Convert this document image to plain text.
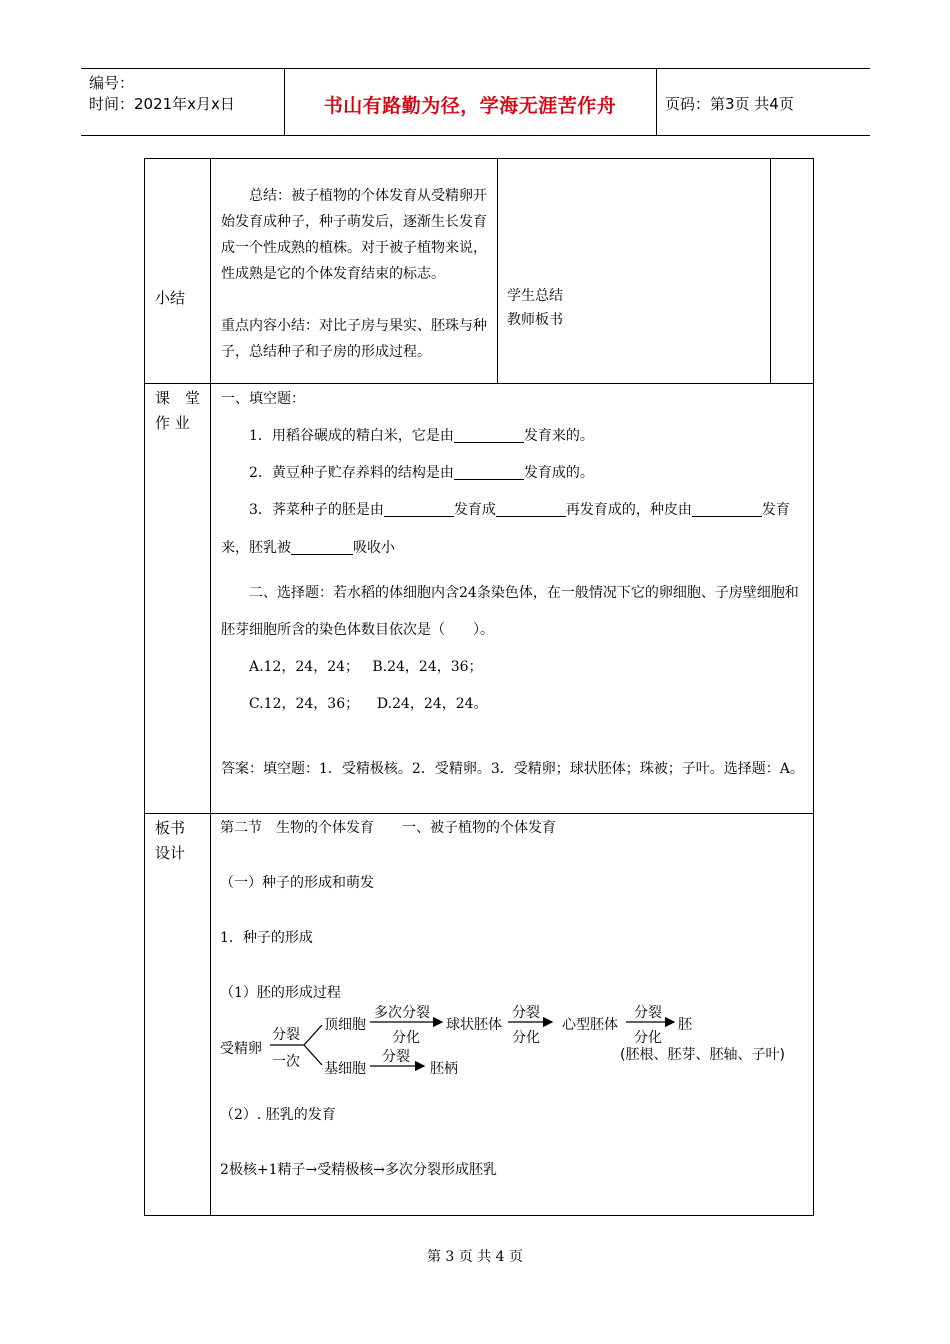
编号：
时间：2021年x月x日	书山有路勤为径，学海无涯苦作舟	页码：第3页 共4页
小结

总结：被子植物的个体发育从受精卵开始发育成种子，种子萌发后，逐渐生长发育成一个性成熟的植株。对于被子植物来说，性成熟是它的个体发育结束的标志。

重点内容小结：对比子房与果实、胚珠与种子，总结种子和子房的形成过程。

学生总结
教师板书
课　堂
作 业

一、填空题：

1．用稻谷碾成的精白米，它是由	发育来的。

2．黄豆种子贮存养料的结构是由	发育成的。

3．荠菜种子的胚是由	发育成	再发育成的，种皮由	发育

来，胚乳被	吸收小

二、选择题：若水稻的体细胞内含24条染色体，在一般情况下它的卵细胞、子房壁细胞和胚芽细胞所含的染色体数目依次是（　　）。

A.12，24，24； B.24，24，36；

C.12，24，36； D.24，24，24。

答案：填空题：1．受精极核。2．受精卵。3．受精卵；球状胚体；珠被；子叶。选择题：A。

板书
设计
第二节　生物的个体发育　　一、被子植物的个体发育
（一）种子的形成和萌发
1．种子的形成
（1）胚的形成过程
（2）. 胚乳的发育
2极核+1精子→受精极核→多次分裂形成胚乳
受精卵
分裂
一次
顶细胞
多次分裂
分化
球状胚体
分裂
分化
心型胚体
分裂
分化
胚
(胚根、胚芽、胚轴、子叶)
基细胞
分裂
胚柄
第 3 页 共 4 页
